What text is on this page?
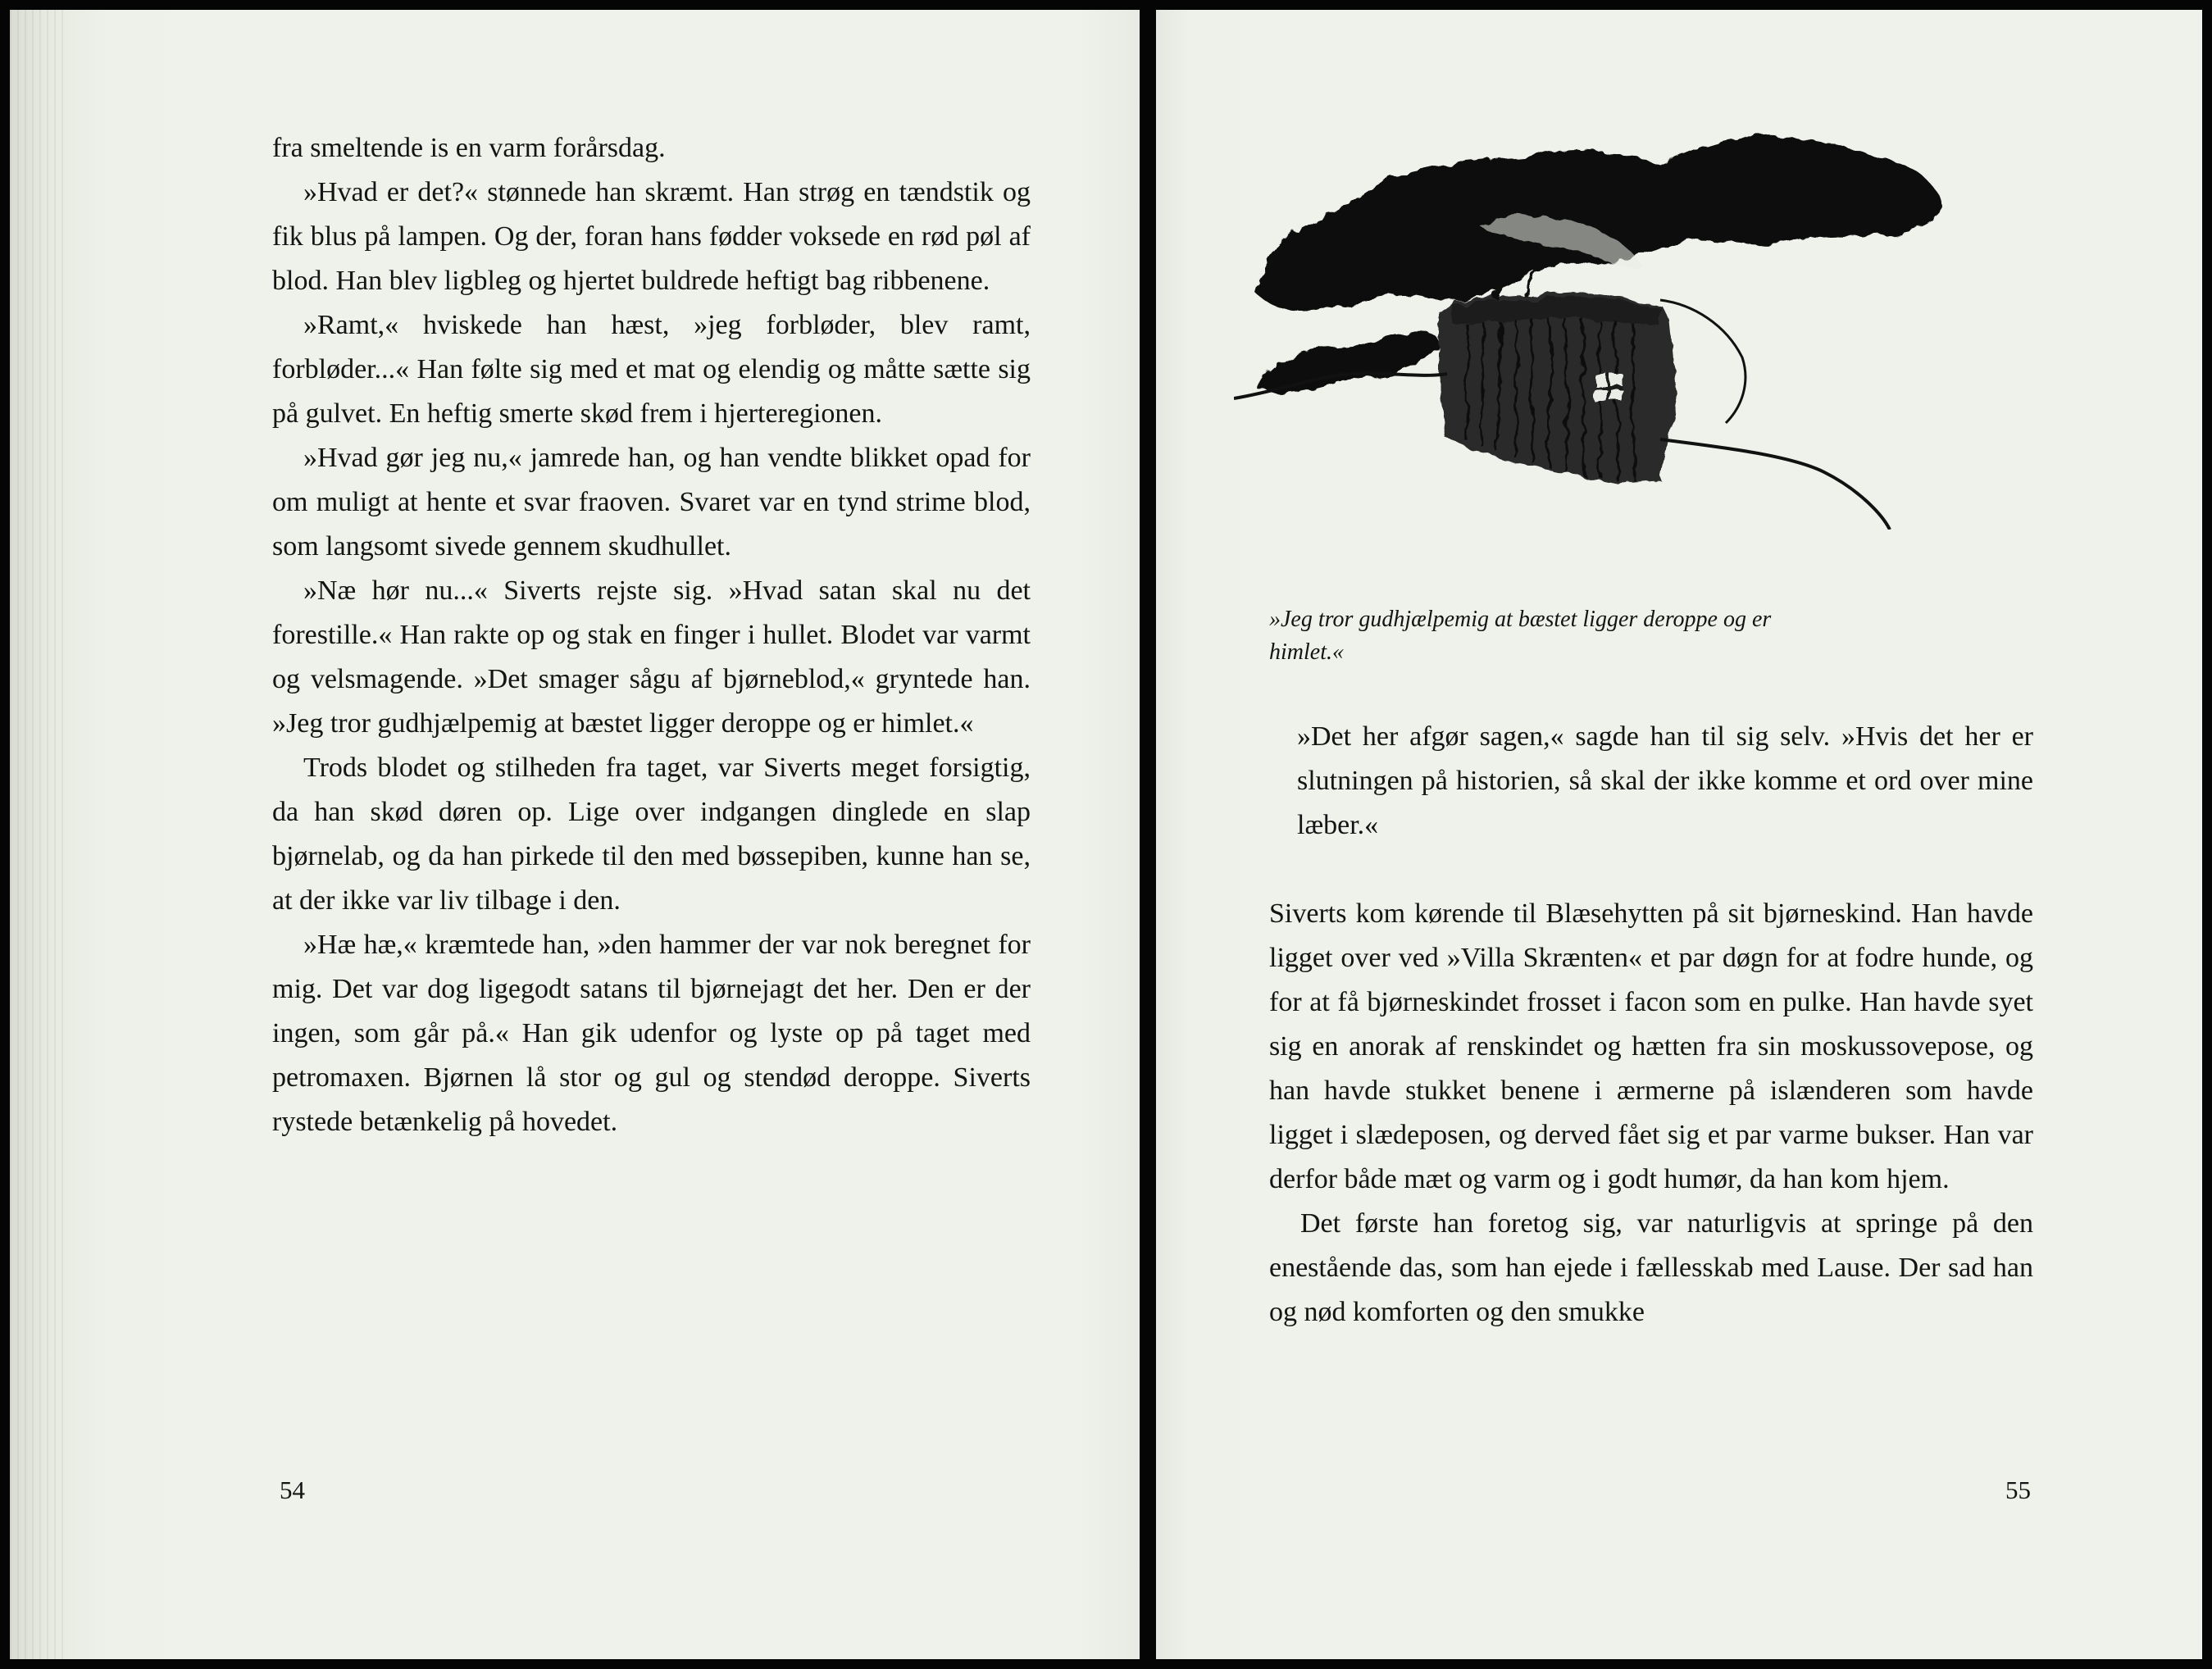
fra smeltende is en varm forårsdag.

»Hvad er det?« stønnede han skræmt. Han strøg en tændstik og fik blus på lampen. Og der, foran hans fødder voksede en rød pøl af blod. Han blev ligbleg og hjertet buldrede heftigt bag ribbenene.

»Ramt,« hviskede han hæst, »jeg forbløder, blev ramt, forbløder...« Han følte sig med et mat og elendig og måtte sætte sig på gulvet. En heftig smerte skød frem i hjerteregionen.

»Hvad gør jeg nu,« jamrede han, og han vendte blikket opad for om muligt at hente et svar fraoven. Svaret var en tynd strime blod, som langsomt sivede gennem skudhullet.

»Næ hør nu...« Siverts rejste sig. »Hvad satan skal nu det forestille.« Han rakte op og stak en finger i hullet. Blodet var varmt og velsmagende. »Det smager sågu af bjørneblod,« gryntede han. »Jeg tror gudhjælpemig at bæstet ligger deroppe og er himlet.«

Trods blodet og stilheden fra taget, var Siverts meget forsigtig, da han skød døren op. Lige over indgangen dinglede en slap bjørnelab, og da han pirkede til den med bøssepiben, kunne han se, at der ikke var liv tilbage i den.

»Hæ hæ,« kræmtede han, »den hammer der var nok beregnet for mig. Det var dog ligegodt satans til bjørnejagt det her. Den er der ingen, som går på.« Han gik udenfor og lyste op på taget med petromaxen. Bjørnen lå stor og gul og stendød deroppe. Siverts rystede betænkelig på hovedet.

54
»Jeg tror gudhjælpemig at bæstet ligger deroppe og er himlet.«

»Det her afgør sagen,« sagde han til sig selv. »Hvis det her er slutningen på historien, så skal der ikke komme et ord over mine læber.«

Siverts kom kørende til Blæsehytten på sit bjørneskind. Han havde ligget over ved »Villa Skrænten« et par døgn for at fodre hunde, og for at få bjørneskindet frosset i facon som en pulke. Han havde syet sig en anorak af renskindet og hætten fra sin moskussovepose, og han havde stukket benene i ærmerne på islænderen som havde ligget i slædeposen, og derved fået sig et par varme bukser. Han var derfor både mæt og varm og i godt humør, da han kom hjem.

Det første han foretog sig, var naturligvis at springe på den enestående das, som han ejede i fællesskab med Lause. Der sad han og nød komforten og den smukke

55
